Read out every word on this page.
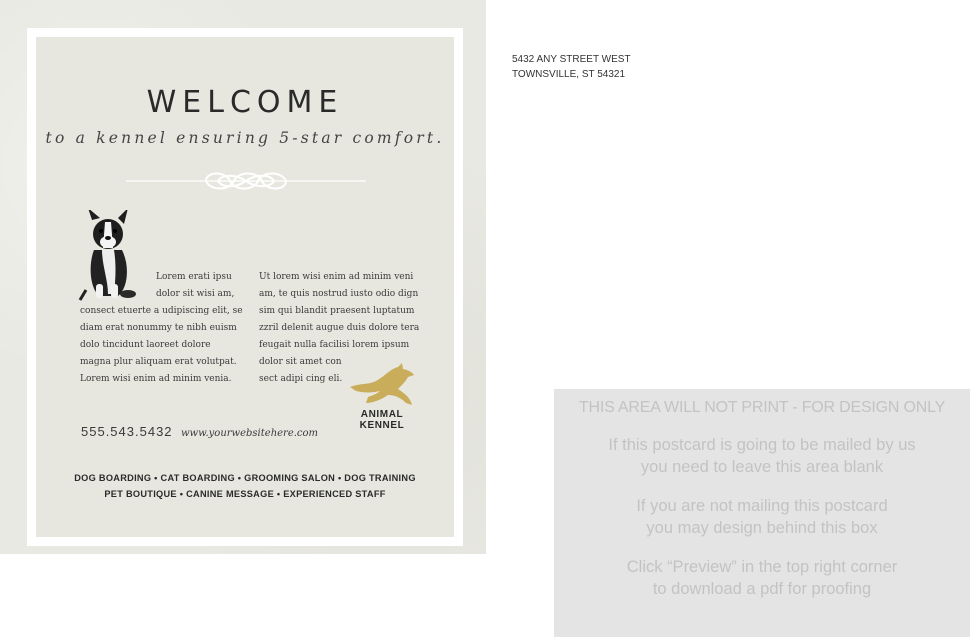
WELCOME
to a kennel ensuring 5-star comfort.
Lorem erati ipsu
dolor sit wisi am,
consect etuerte a udipiscing elit, se
diam erat nonummy te nibh euism
dolo tincidunt laoreet dolore
magna plur aliquam erat volutpat.
Lorem wisi enim ad minim venia.
Ut lorem wisi enim ad minim veni
am, te quis nostrud iusto odio dign
sim qui blandit praesent luptatum
zzril delenit augue duis dolore tera
feugait nulla facilisi lorem ipsum
dolor sit amet con
sect adipi cing eli.
ANIMAL
KENNEL
555.543.5432 www.yourwebsitehere.com
DOG BOARDING • CAT BOARDING • GROOMING SALON • DOG TRAINING
PET BOUTIQUE • CANINE MESSAGE • EXPERIENCED STAFF
5432 ANY STREET WEST
TOWNSVILLE, ST 54321
THIS AREA WILL NOT PRINT - FOR DESIGN ONLY
If this postcard is going to be mailed by us
you need to leave this area blank
If you are not mailing this postcard
you may design behind this box
Click “Preview” in the top right corner
to download a pdf for proofing
